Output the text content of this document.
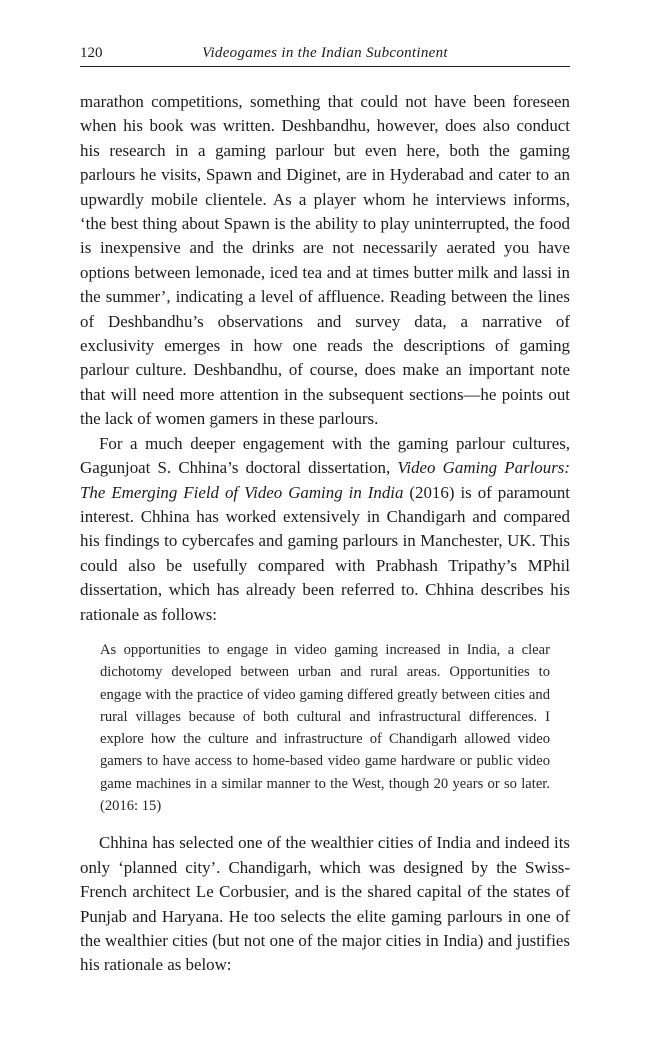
120	Videogames in the Indian Subcontinent

marathon competitions, something that could not have been foreseen when his book was written. Deshbandhu, however, does also conduct his research in a gaming parlour but even here, both the gaming parlours he visits, Spawn and Diginet, are in Hyderabad and cater to an upwardly mobile clientele. As a player whom he interviews informs, ‘the best thing about Spawn is the ability to play uninterrupted, the food is inexpensive and the drinks are not necessarily aerated you have options between lemonade, iced tea and at times butter milk and lassi in the summer’, indicating a level of affluence. Reading between the lines of Deshbandhu’s observations and survey data, a narrative of exclusivity emerges in how one reads the descriptions of gaming parlour culture. Deshbandhu, of course, does make an important note that will need more attention in the subsequent sections—he points out the lack of women gamers in these parlours.

For a much deeper engagement with the gaming parlour cultures, Gagunjoat S. Chhina’s doctoral dissertation, Video Gaming Parlours: The Emerging Field of Video Gaming in India (2016) is of paramount interest. Chhina has worked extensively in Chandigarh and compared his findings to cybercafes and gaming parlours in Manchester, UK. This could also be usefully compared with Prabhash Tripathy’s MPhil dissertation, which has already been referred to. Chhina describes his rationale as follows:

As opportunities to engage in video gaming increased in India, a clear dichotomy developed between urban and rural areas. Opportunities to engage with the practice of video gaming differed greatly between cities and rural villages because of both cultural and infrastructural differences. I explore how the culture and infrastructure of Chandigarh allowed video gamers to have access to home-based video game hardware or public video game machines in a similar manner to the West, though 20 years or so later. (2016: 15)

Chhina has selected one of the wealthier cities of India and indeed its only ‘planned city’. Chandigarh, which was designed by the Swiss-French architect Le Corbusier, and is the shared capital of the states of Punjab and Haryana. He too selects the elite gaming parlours in one of the wealthier cities (but not one of the major cities in India) and justifies his rationale as below:
